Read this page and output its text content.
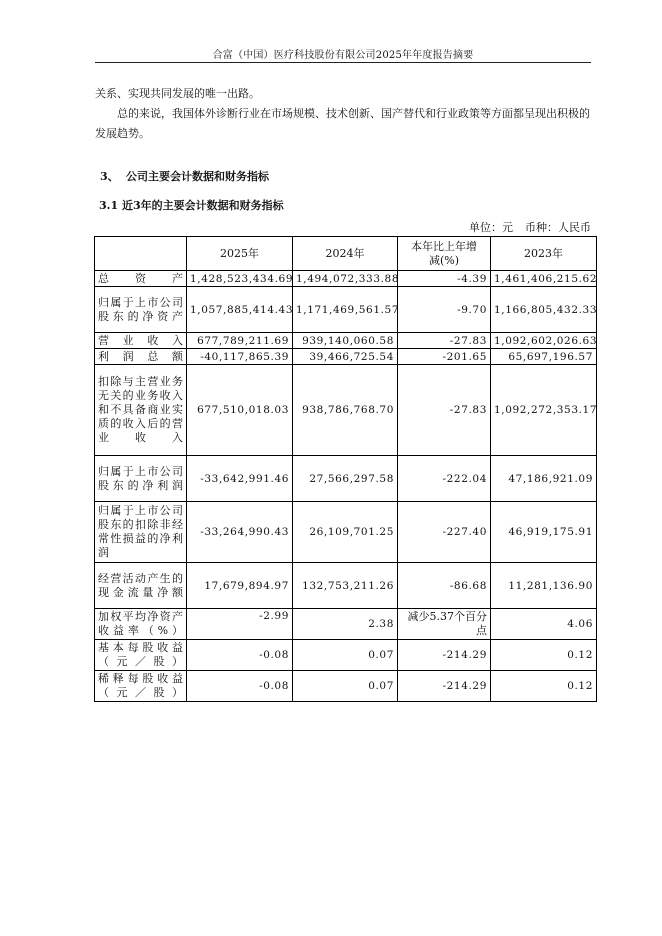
合富（中国）医疗科技股份有限公司2025年年度报告摘要
关系、实现共同发展的唯一出路。
总的来说，我国体外诊断行业在市场规模、技术创新、国产替代和行业政策等方面都呈现出积极的发展趋势。
3、 公司主要会计数据和财务指标
3.1 近3年的主要会计数据和财务指标
单位：元 币种：人民币
	2025年	2024年	本年比上年增减(%)	2023年
总资产	1,428,523,434.69	1,494,072,333.88	-4.39	1,461,406,215.62
归属于上市公司股东的净资产	1,057,885,414.43	1,171,469,561.57	-9.70	1,166,805,432.33
营业收入	677,789,211.69	939,140,060.58	-27.83	1,092,602,026.63
利润总额	-40,117,865.39	39,466,725.54	-201.65	65,697,196.57
扣除与主营业务无关的业务收入和不具备商业实质的收入后的营业收入	677,510,018.03	938,786,768.70	-27.83	1,092,272,353.17
归属于上市公司股东的净利润	-33,642,991.46	27,566,297.58	-222.04	47,186,921.09
归属于上市公司股东的扣除非经常性损益的净利润	-33,264,990.43	26,109,701.25	-227.40	46,919,175.91
经营活动产生的现金流量净额	17,679,894.97	132,753,211.26	-86.68	11,281,136.90
加权平均净资产收益率（%）	-2.99	2.38	减少5.37个百分点	4.06
基本每股收益（元／股）	-0.08	0.07	-214.29	0.12
稀释每股收益（元／股）	-0.08	0.07	-214.29	0.12
